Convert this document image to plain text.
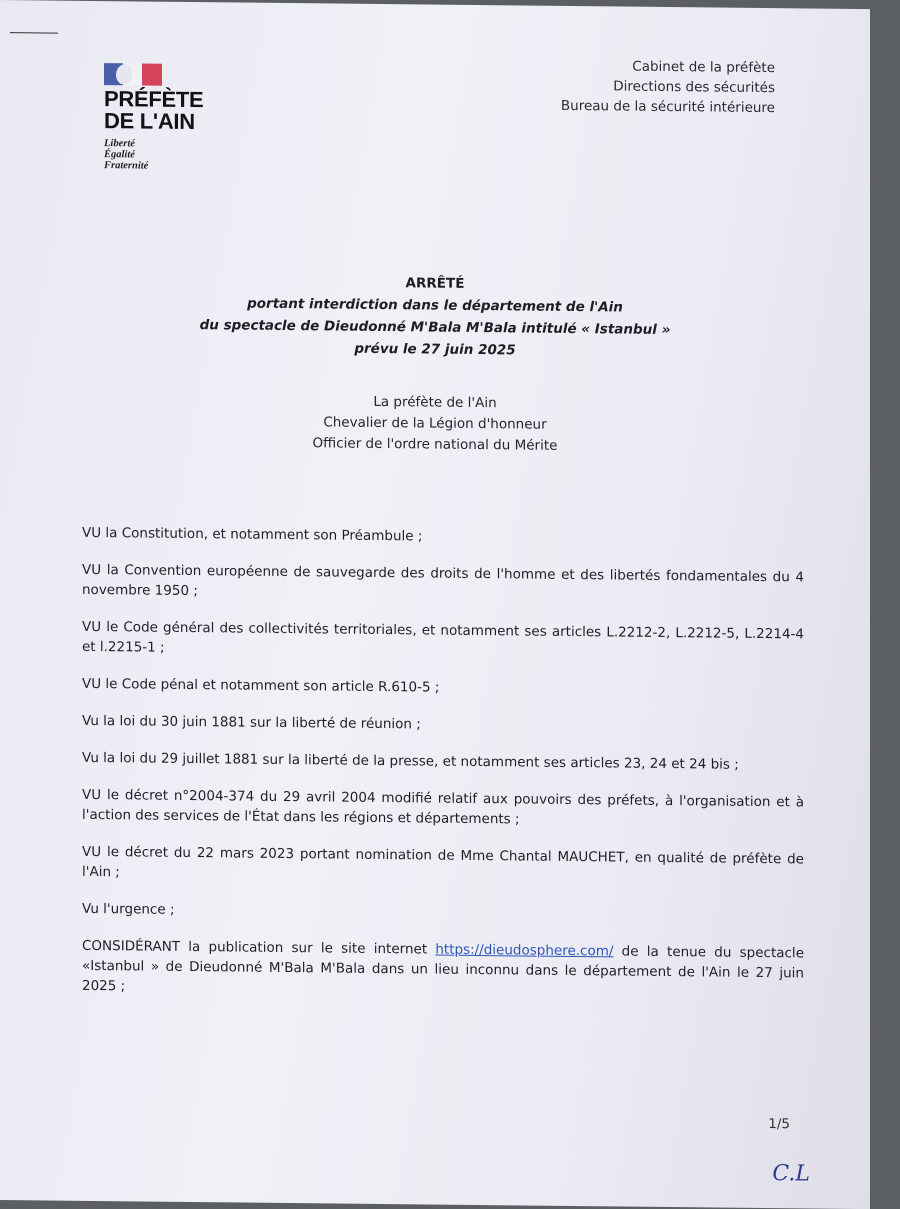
PRÉFÈTE
DE L'AIN
Liberté
Égalité
Fraternité
Cabinet de la préfète
Directions des sécurités
Bureau de la sécurité intérieure
ARRÊTÉ
portant interdiction dans le département de l'Ain
du spectacle de Dieudonné M'Bala M'Bala intitulé « Istanbul »
prévu le 27 juin 2025
La préfète de l'Ain
Chevalier de la Légion d'honneur
Officier de l'ordre national du Mérite

VU la Constitution, et notamment son Préambule ;

VU la Convention européenne de sauvegarde des droits de l'homme et des libertés fondamentales du 4 novembre 1950 ;

VU le Code général des collectivités territoriales, et notamment ses articles L.2212-2, L.2212-5, L.2214-4 et l.2215-1 ;

VU le Code pénal et notamment son article R.610-5 ;

Vu la loi du 30 juin 1881 sur la liberté de réunion ;

Vu la loi du 29 juillet 1881 sur la liberté de la presse, et notamment ses articles 23, 24 et 24 bis ;

VU le décret n°2004-374 du 29 avril 2004 modifié relatif aux pouvoirs des préfets, à l'organisation et à l'action des services de l'État dans les régions et départements ;

VU le décret du 22 mars 2023 portant nomination de Mme Chantal MAUCHET, en qualité de préfète de l'Ain ;

Vu l'urgence ;

CONSIDÉRANT la publication sur le site internet https://dieudosphere.com/ de la tenue du spectacle «Istanbul » de Dieudonné M'Bala M'Bala dans un lieu inconnu dans le département de l'Ain le 27 juin 2025 ;

1/5
C.L
